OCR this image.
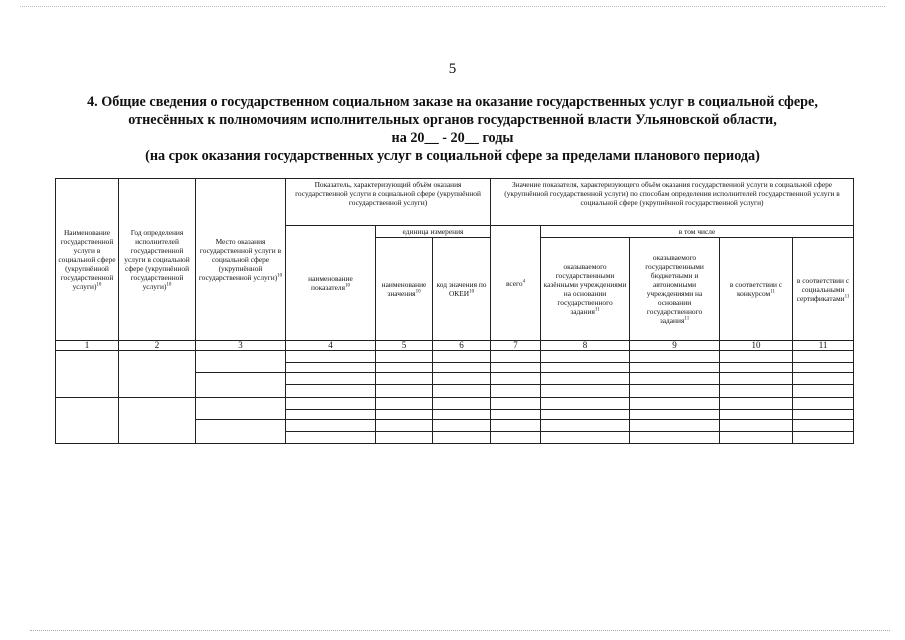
5
4. Общие сведения о государственном социальном заказе на оказание государственных услуг в социальной сфере,
отнесённых к полномочиям исполнительных органов государственной власти Ульяновской области,
на 20__ - 20__ годы
(на срок оказания государственных услуг в социальной сфере за пределами планового периода)
Наименование государственной услуги в социальной сфере (укрупнённой государственной услуги)$^{10}$	Год определения исполнителей государственной услуги в социальной сфере (укрупнённой государственной услуги)$^{10}$	Место оказания государственной услуги в социальной сфере (укрупнённой государственной услуги)$^{10}$	Показатель, характеризующий объём оказания государственной услуги в социальной сфере (укрупнённой государственной услуги)			Значение показателя, характеризующего объём оказания государственной услуги в социальной сфере (укрупнённой государственной услуги) по способам определения исполнителей государственной услуги в социальной сфере (укрупнённой государственной услуги)				
			наименование показателя$^{10}$	единица измерения		всего$^4$	в том числе			
				наименование значения$^{10}$	код значения по ОКЕИ$^{10}$		оказываемого государственными казёнными учреждениями на основании государственного задания$^{11}$	оказываемого государственными бюджетными и автономными учреждениями на основании государственного задания$^{11}$	в соответствии с конкурсом$^{11}$	в соответствии с социальными сертификатами$^{11}$
1	2	3	4	5	6	7	8	9	10	11
